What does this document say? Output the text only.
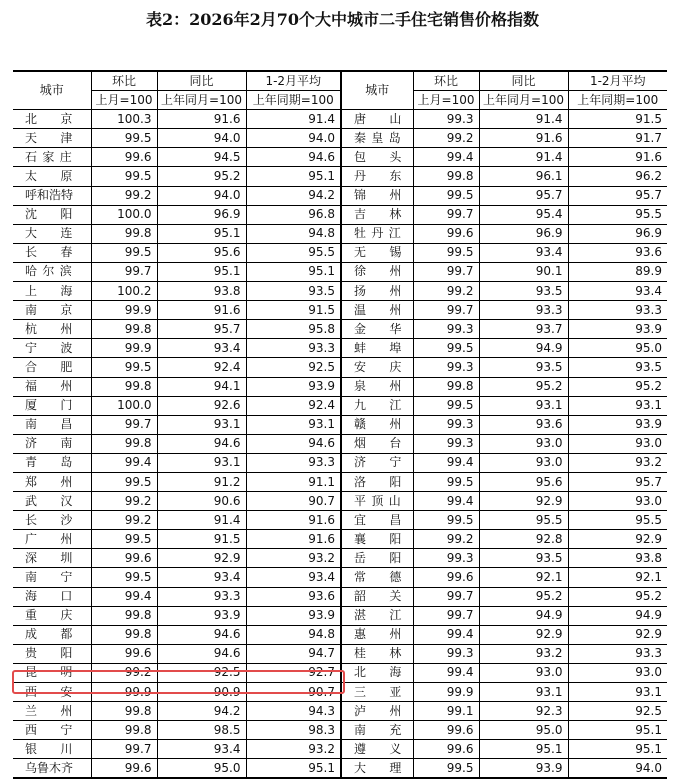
表2：2026年2月70个大中城市二手住宅销售价格指数
城市	环比	同比	1-2月平均	城市	环比	同比	1-2月平均
	上月=100	上年同月=100	上年同期=100		上月=100	上年同月=100	上年同期=100
北京	100.3	91.6	91.4	唐山	99.3	91.4	91.5
天津	99.5	94.0	94.0	秦皇岛	99.2	91.6	91.7
石家庄	99.6	94.5	94.6	包头	99.4	91.4	91.6
太原	99.5	95.2	95.1	丹东	99.8	96.1	96.2
呼和浩特	99.2	94.0	94.2	锦州	99.5	95.7	95.7
沈阳	100.0	96.9	96.8	吉林	99.7	95.4	95.5
大连	99.8	95.1	94.8	牡丹江	99.6	96.9	96.9
长春	99.5	95.6	95.5	无锡	99.5	93.4	93.6
哈尔滨	99.7	95.1	95.1	徐州	99.7	90.1	89.9
上海	100.2	93.8	93.5	扬州	99.2	93.5	93.4
南京	99.9	91.6	91.5	温州	99.7	93.3	93.3
杭州	99.8	95.7	95.8	金华	99.3	93.7	93.9
宁波	99.9	93.4	93.3	蚌埠	99.5	94.9	95.0
合肥	99.5	92.4	92.5	安庆	99.3	93.5	93.5
福州	99.8	94.1	93.9	泉州	99.8	95.2	95.2
厦门	100.0	92.6	92.4	九江	99.5	93.1	93.1
南昌	99.7	93.1	93.1	赣州	99.3	93.6	93.9
济南	99.8	94.6	94.6	烟台	99.3	93.0	93.0
青岛	99.4	93.1	93.3	济宁	99.4	93.0	93.2
郑州	99.5	91.2	91.1	洛阳	99.5	95.6	95.7
武汉	99.2	90.6	90.7	平顶山	99.4	92.9	93.0
长沙	99.2	91.4	91.6	宜昌	99.5	95.5	95.5
广州	99.5	91.5	91.6	襄阳	99.2	92.8	92.9
深圳	99.6	92.9	93.2	岳阳	99.3	93.5	93.8
南宁	99.5	93.4	93.4	常德	99.6	92.1	92.1
海口	99.4	93.3	93.6	韶关	99.7	95.2	95.2
重庆	99.8	93.9	93.9	湛江	99.7	94.9	94.9
成都	99.8	94.6	94.8	惠州	99.4	92.9	92.9
贵阳	99.6	94.6	94.7	桂林	99.3	93.2	93.3
昆明	99.2	92.5	92.7	北海	99.4	93.0	93.0
西安	99.9	90.9	90.7	三亚	99.9	93.1	93.1
兰州	99.8	94.2	94.3	泸州	99.1	92.3	92.5
西宁	99.8	98.5	98.3	南充	99.6	95.0	95.1
银川	99.7	93.4	93.2	遵义	99.6	95.1	95.1
乌鲁木齐	99.6	95.0	95.1	大理	99.5	93.9	94.0
